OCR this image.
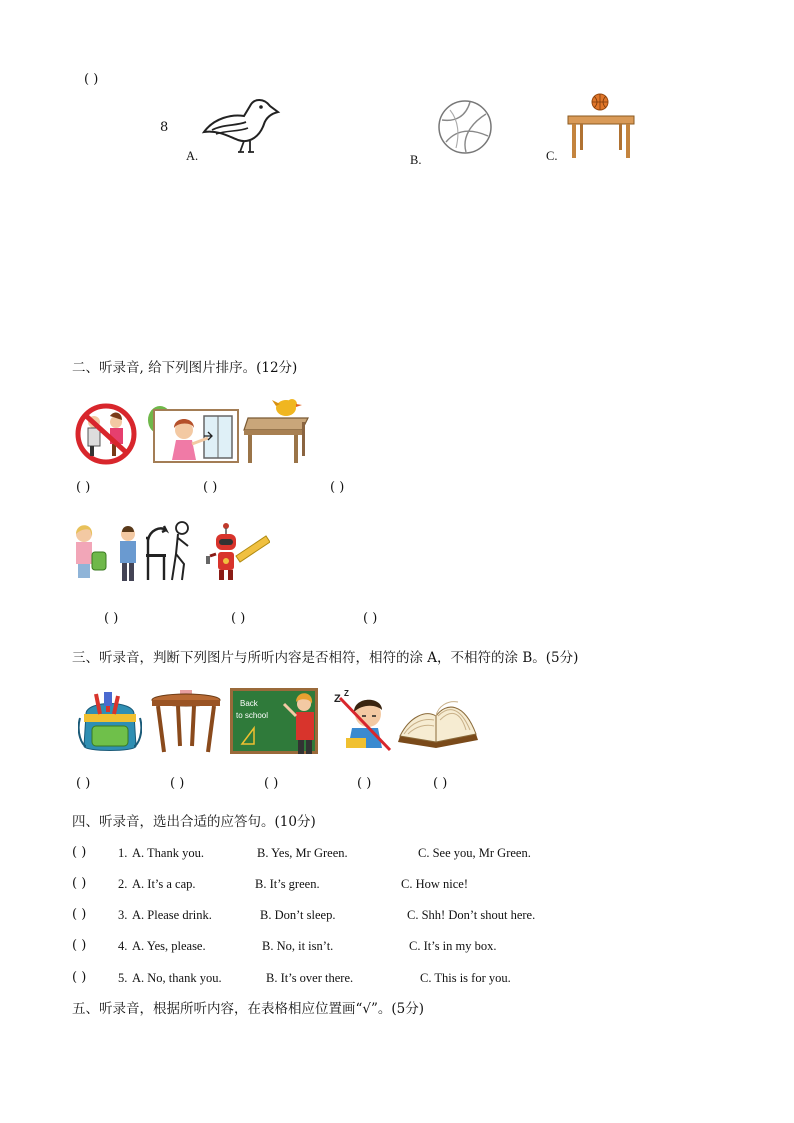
( )
8
A.	B.	C.
二、听录音, 给下列图片排序。(12分)
( )	( )	( )
( )	( )	( )
三、听录音，判断下列图片与所听内容是否相符，相符的涂 A，不相符的涂 B。(5分)
Back
to school
Z Z
( )	( )	( )	( )	( )
四、听录音，选出合适的应答句。(10分)
( )	1. A. Thank you.	B. Yes, Mr Green.	C. See you, Mr Green.
( )	2. A. It’s a cap.	B. It’s green.	C. How nice!
( )	3. A. Please drink.	B. Don’t sleep.	C. Shh! Don’t shout here.
( )	4. A. Yes, please.	B. No, it isn’t.	C. It’s in my box.
( )	5. A. No, thank you.	B. It’s over there.	C. This is for you.
五、听录音，根据所听内容，在表格相应位置画“√”。(5分)
